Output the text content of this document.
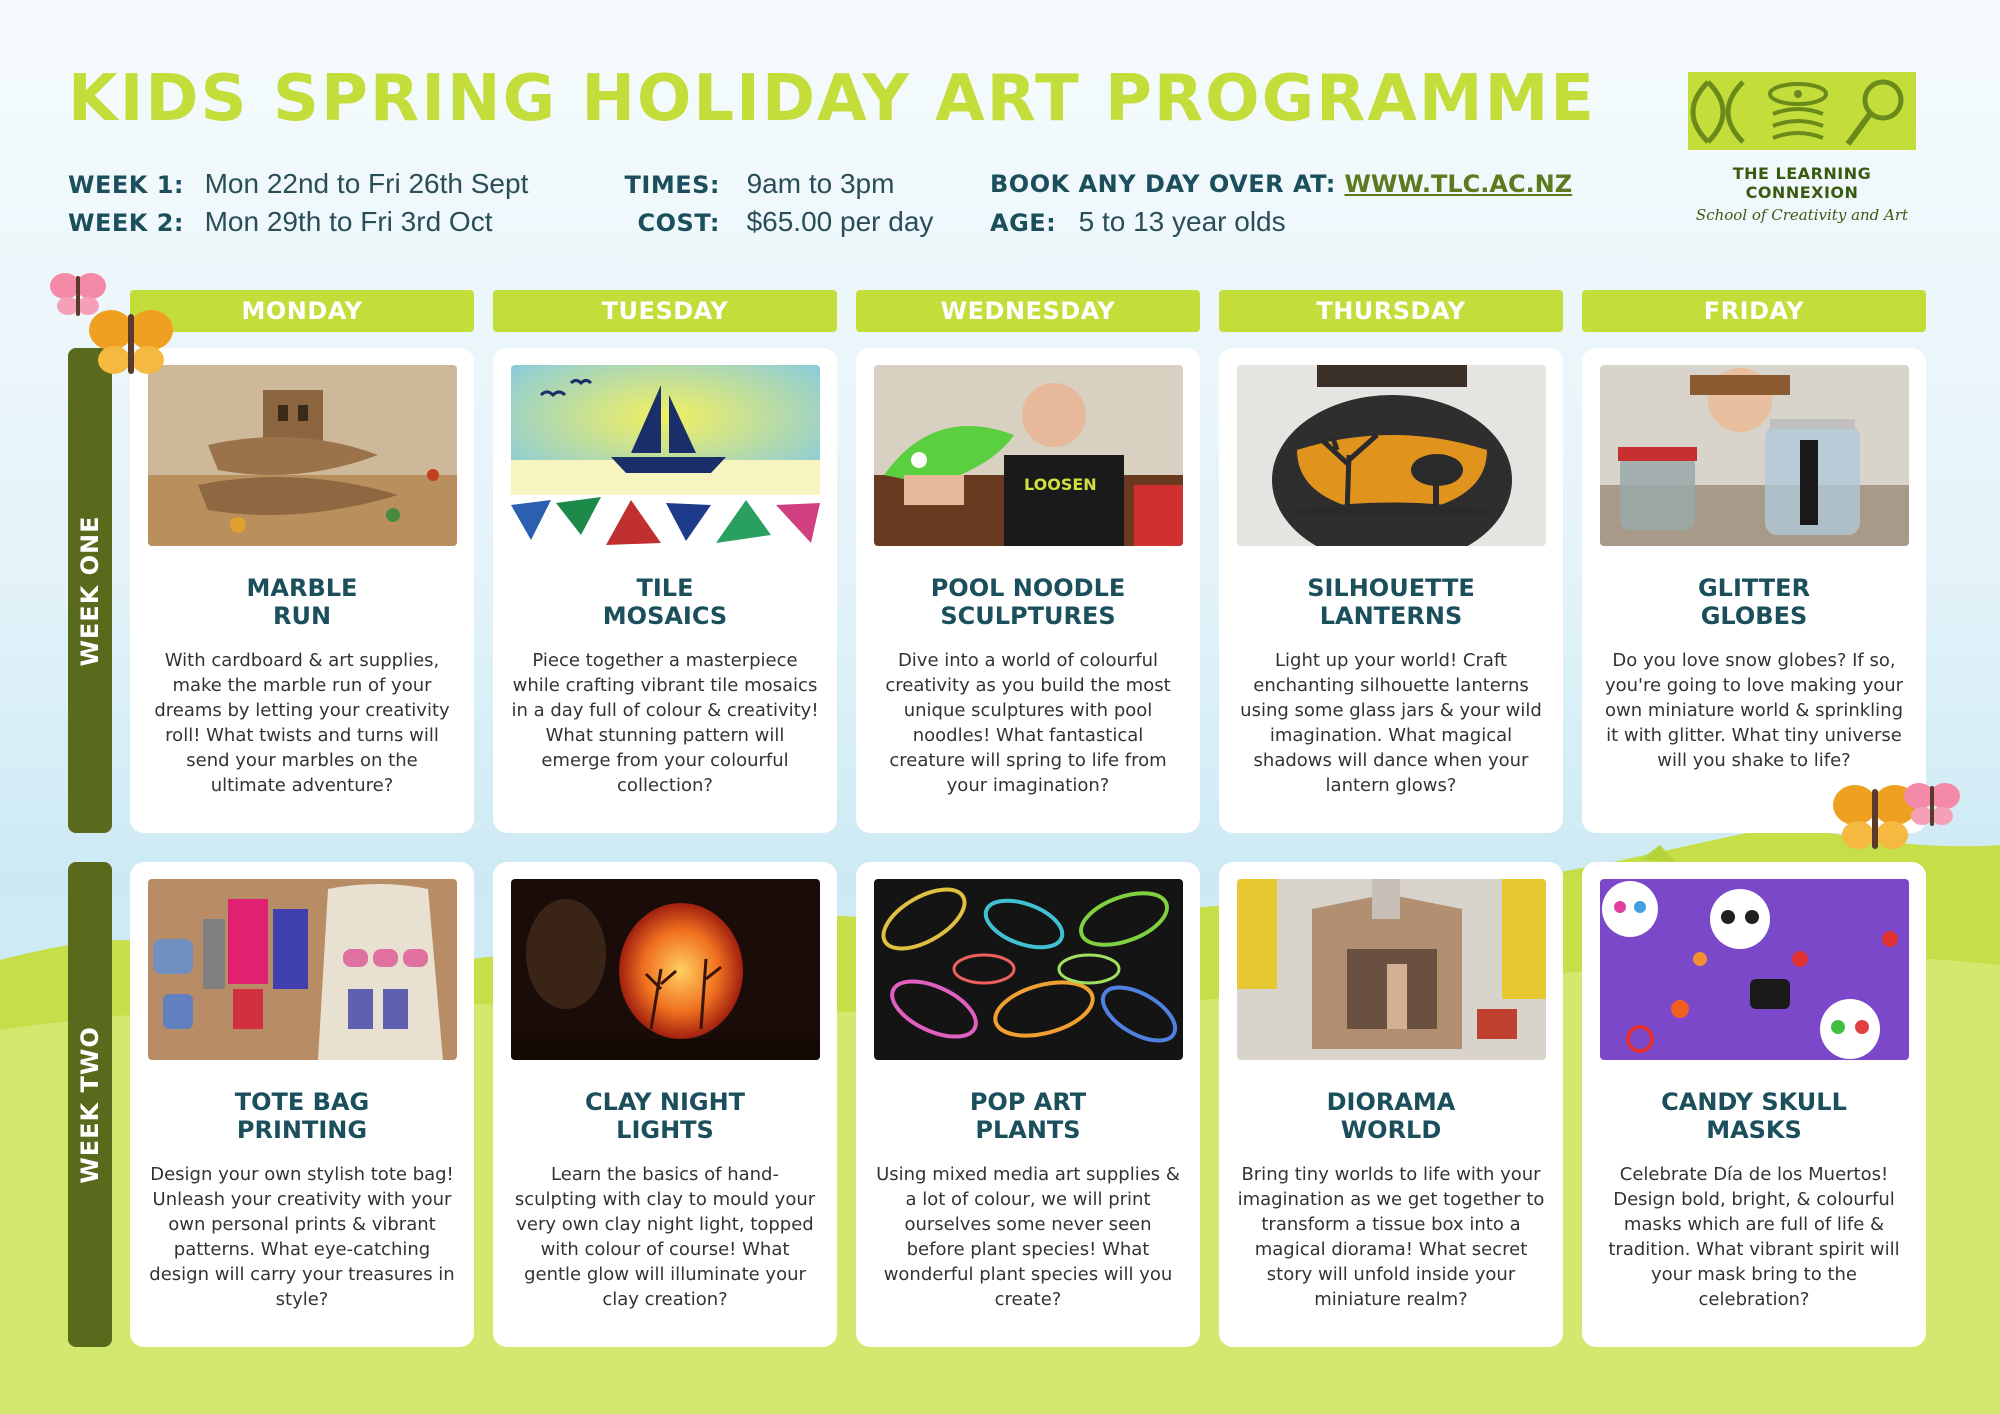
KIDS SPRING HOLIDAY ART PROGRAMME
WEEK 1: Mon 22nd to Fri 26th Sept
WEEK 2: Mon 29th to Fri 3rd Oct
TIMES: 9am to 3pm
COST: $65.00 per day
BOOK ANY DAY OVER AT: WWW.TLC.AC.NZ
AGE: 5 to 13 year olds
THE LEARNING CONNEXION
School of Creativity and Art
MONDAY	TUESDAY	WEDNESDAY	THURSDAY	FRIDAY
WEEK ONE
WEEK TWO
MARBLE
RUN
With cardboard & art supplies, make the marble run of your dreams by letting your creativity roll! What twists and turns will send your marbles on the ultimate adventure?
TILE
MOSAICS
Piece together a masterpiece while crafting vibrant tile mosaics in a day full of colour & creativity! What stunning pattern will emerge from your colourful collection?
LOOSEN
POOL NOODLE
SCULPTURES
Dive into a world of colourful creativity as you build the most unique sculptures with pool noodles! What fantastical creature will spring to life from your imagination?
SILHOUETTE
LANTERNS
Light up your world! Craft enchanting silhouette lanterns using some glass jars & your wild imagination. What magical shadows will dance when your lantern glows?
GLITTER
GLOBES
Do you love snow globes? If so, you're going to love making your own miniature world & sprinkling it with glitter. What tiny universe will you shake to life?
TOTE BAG
PRINTING
Design your own stylish tote bag! Unleash your creativity with your own personal prints & vibrant patterns. What eye-catching design will carry your treasures in style?
CLAY NIGHT
LIGHTS
Learn the basics of hand-sculpting with clay to mould your very own clay night light, topped with colour of course! What gentle glow will illuminate your clay creation?
POP ART
PLANTS
Using mixed media art supplies & a lot of colour, we will print ourselves some never seen before plant species! What wonderful plant species will you create?
DIORAMA
WORLD
Bring tiny worlds to life with your imagination as we get together to transform a tissue box into a magical diorama! What secret story will unfold inside your miniature realm?
CANDY SKULL
MASKS
Celebrate Día de los Muertos! Design bold, bright, & colourful masks which are full of life & tradition. What vibrant spirit will your mask bring to the celebration?
